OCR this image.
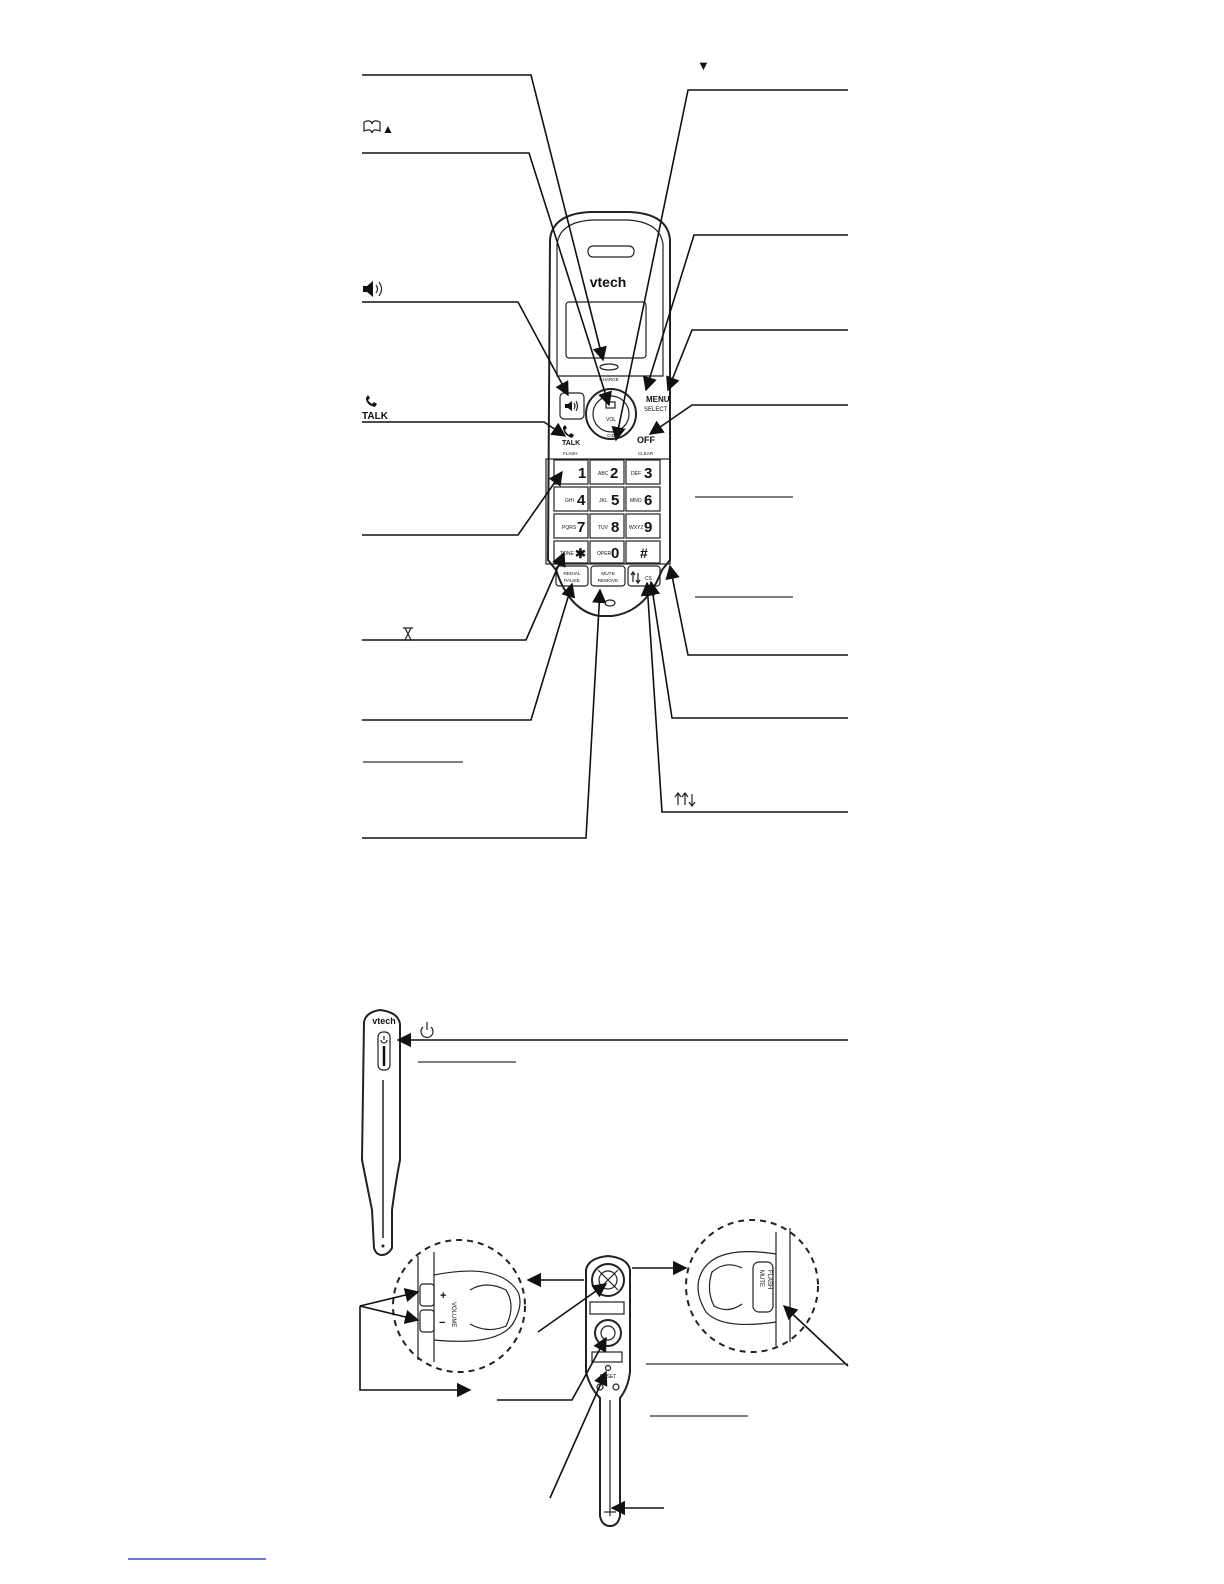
vtech
CHARGE
VOL
CID
MENU
SELECT
TALK
FLASH
OFF
CLEAR
1 ABC 2	DEF 3
GHI 4	JKL 5 MNO 6
PQRS 7	TUV 8 WXYZ 9
TONE ✱ OPER 0 #
REDIAL
PAUSE
MUTE
REMOVE	CS
▼
▲
TALK
vtech
RESET
+
− VOLUME
MUTE FLASH
